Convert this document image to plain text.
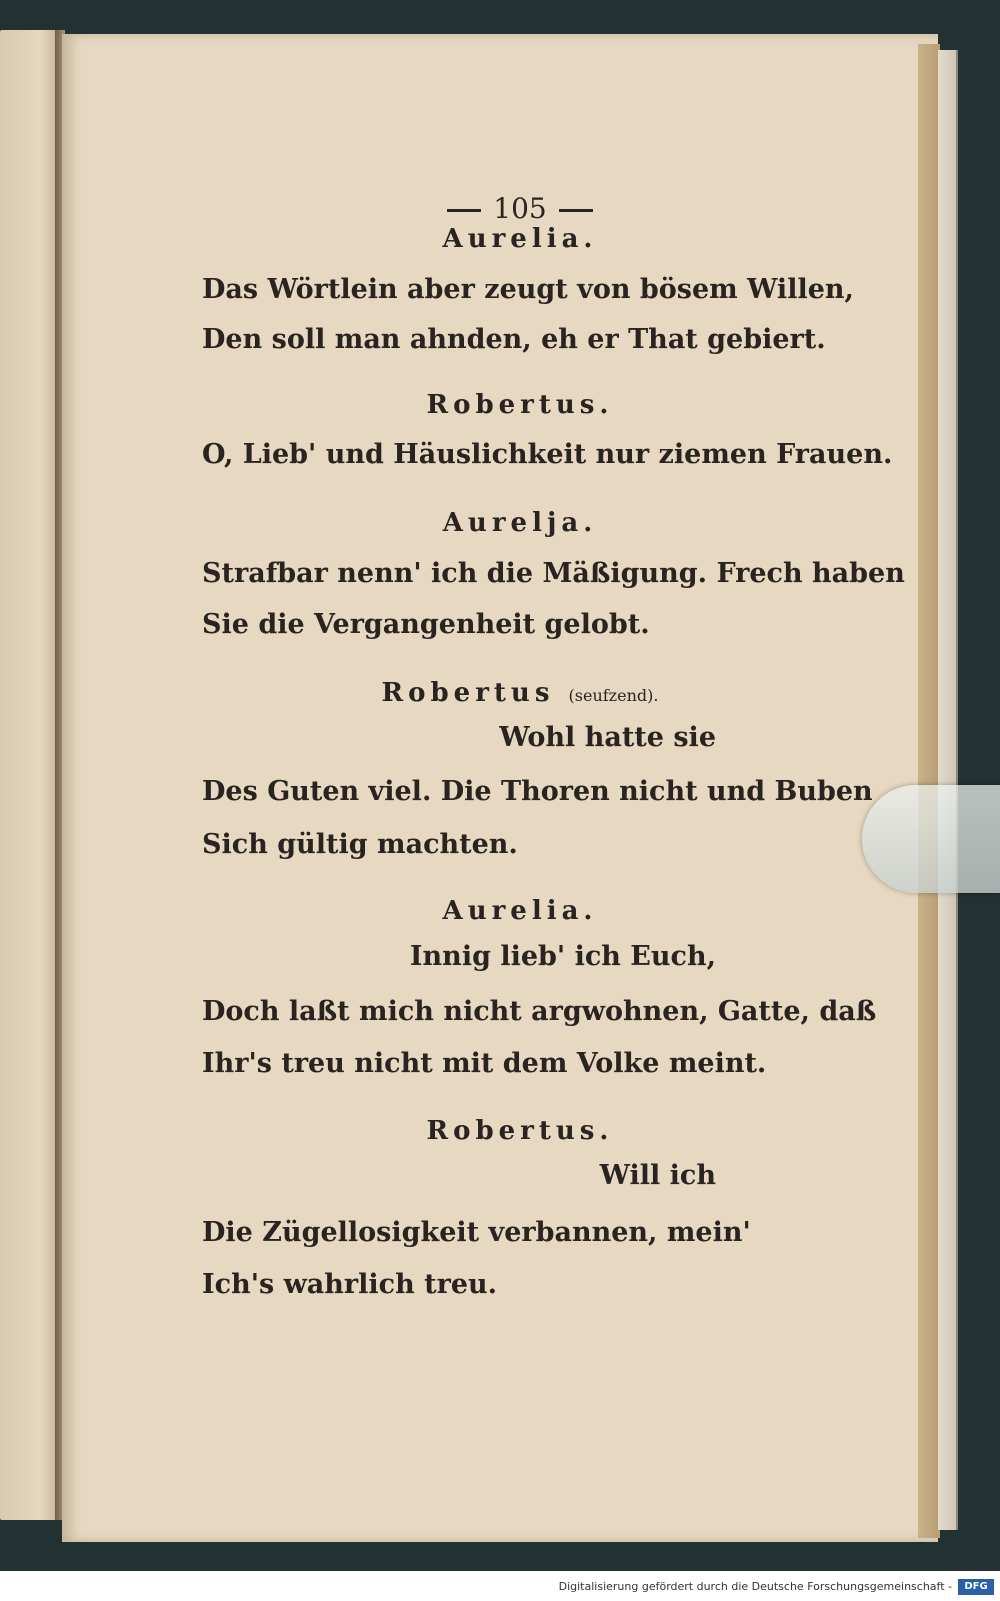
105
Aurelia.
Das Wörtlein aber zeugt von bösem Willen,
Den soll man ahnden, eh er That gebiert.
Robertus.
O, Lieb' und Häuslichkeit nur ziemen Frauen.
Aurelja.
Strafbar nenn' ich die Mäßigung. Frech haben
Sie die Vergangenheit gelobt.
Robertus (seufzend).
Wohl hatte sie
Des Guten viel. Die Thoren nicht und Buben
Sich gültig machten.
Aurelia.
Innig lieb' ich Euch,
Doch laßt mich nicht argwohnen, Gatte, daß
Ihr's treu nicht mit dem Volke meint.
Robertus.
Will ich
Die Zügellosigkeit verbannen, mein'
Ich's wahrlich treu.
Digitalisierung gefördert durch die Deutsche Forschungsgemeinschaft -	DFG
